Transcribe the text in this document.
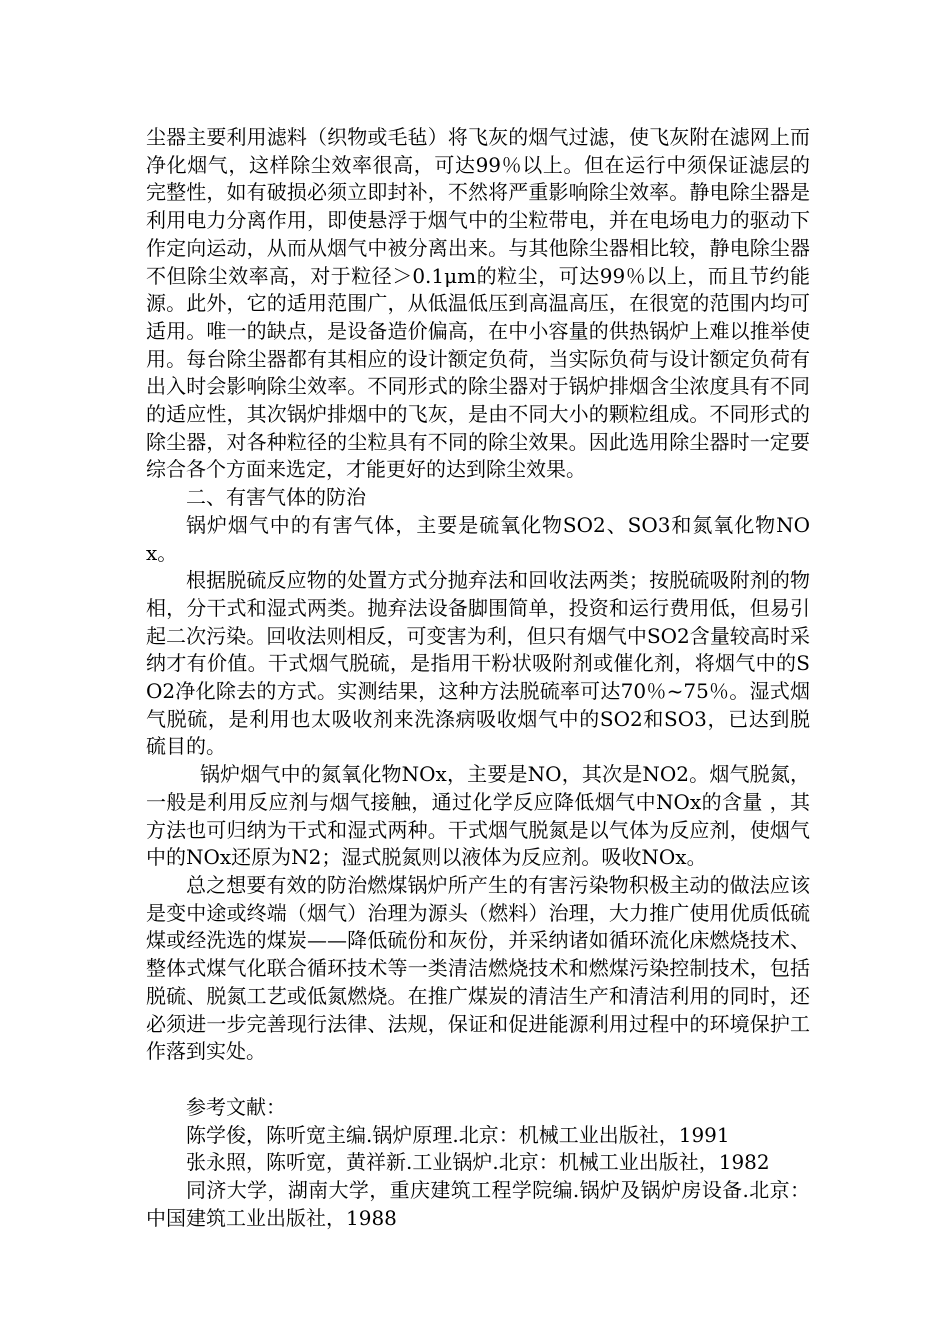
尘器主要利用滤料（织物或毛毡）将飞灰的烟气过滤，使飞灰附在滤网上而净化烟气，这样除尘效率很高，可达99％以上。但在运行中须保证滤层的完整性，如有破损必须立即封补，不然将严重影响除尘效率。静电除尘器是利用电力分离作用，即使悬浮于烟气中的尘粒带电，并在电场电力的驱动下作定向运动，从而从烟气中被分离出来。与其他除尘器相比较，静电除尘器不但除尘效率高，对于粒径＞0.1μm的粒尘，可达99％以上，而且节约能源。此外，它的适用范围广，从低温低压到高温高压，在很宽的范围内均可适用。唯一的缺点，是设备造价偏高，在中小容量的供热锅炉上难以推举使用。每台除尘器都有其相应的设计额定负荷，当实际负荷与设计额定负荷有出入时会影响除尘效率。不同形式的除尘器对于锅炉排烟含尘浓度具有不同的适应性，其次锅炉排烟中的飞灰，是由不同大小的颗粒组成。不同形式的除尘器，对各种粒径的尘粒具有不同的除尘效果。因此选用除尘器时一定要综合各个方面来选定，才能更好的达到除尘效果。

二、有害气体的防治

锅炉烟气中的有害气体，主要是硫氧化物SO2、SO3和氮氧化物NOx。

根据脱硫反应物的处置方式分抛弃法和回收法两类；按脱硫吸附剂的物相，分干式和湿式两类。抛弃法设备脚围简单，投资和运行费用低，但易引起二次污染。回收法则相反，可变害为利，但只有烟气中SO2含量较高时采纳才有价值。干式烟气脱硫，是指用干粉状吸附剂或催化剂，将烟气中的SO2净化除去的方式。实测结果，这种方法脱硫率可达70％~75％。湿式烟气脱硫，是利用也太吸收剂来洗涤病吸收烟气中的SO2和SO3，已达到脱硫目的。

锅炉烟气中的氮氧化物NOx，主要是NO，其次是NO2。烟气脱氮，一般是利用反应剂与烟气接触，通过化学反应降低烟气中NOx的含量 ，其方法也可归纳为干式和湿式两种。干式烟气脱氮是以气体为反应剂，使烟气中的NOx还原为N2；湿式脱氮则以液体为反应剂。吸收NOx。

总之想要有效的防治燃煤锅炉所产生的有害污染物积极主动的做法应该是变中途或终端（烟气）治理为源头（燃料）治理，大力推广使用优质低硫煤或经洗选的煤炭——降低硫份和灰份，并采纳诸如循环流化床燃烧技术、整体式煤气化联合循环技术等一类清洁燃烧技术和燃煤污染控制技术，包括脱硫、脱氮工艺或低氮燃烧。在推广煤炭的清洁生产和清洁利用的同时，还必须进一步完善现行法律、法规，保证和促进能源利用过程中的环境保护工作落到实处。

参考文献：

陈学俊，陈听宽主编.锅炉原理.北京：机械工业出版社，1991

张永照，陈听宽，黄祥新.工业锅炉.北京：机械工业出版社，1982

同济大学，湖南大学，重庆建筑工程学院编.锅炉及锅炉房设备.北京：中国建筑工业出版社，1988
